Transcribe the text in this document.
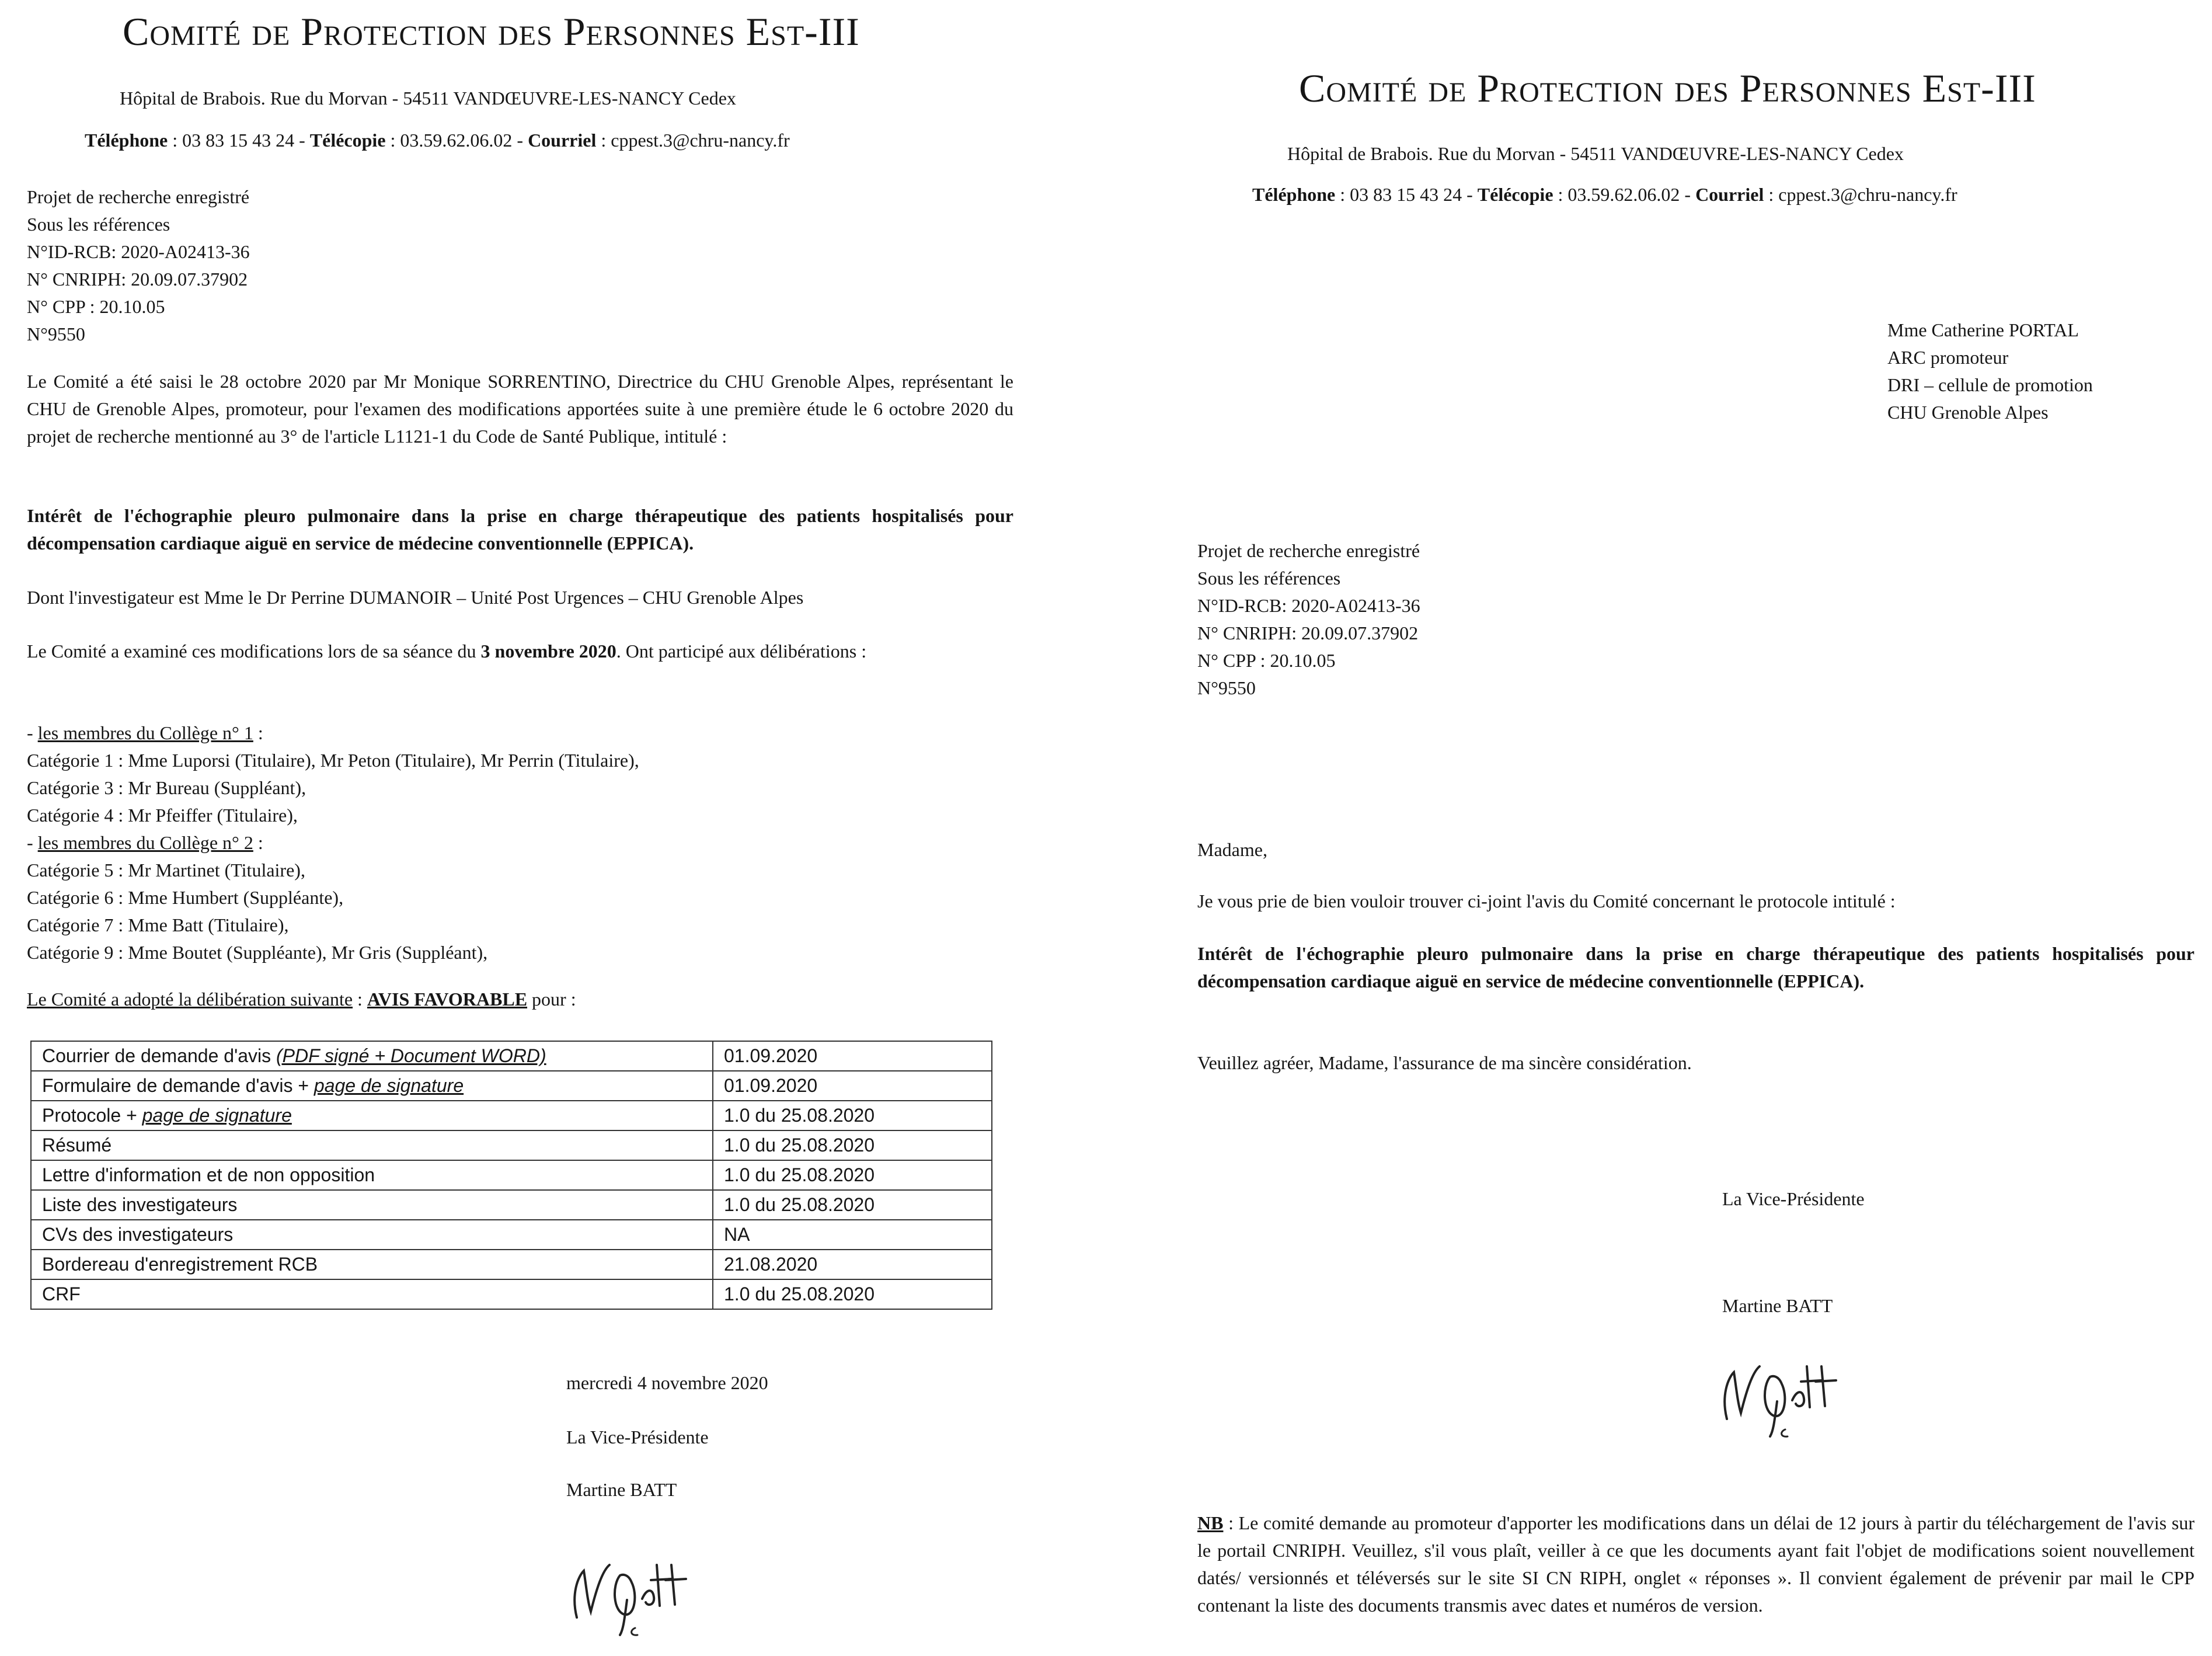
Comité de Protection des Personnes Est-III
Hôpital de Brabois. Rue du Morvan - 54511 VANDŒUVRE-LES-NANCY Cedex
Téléphone : 03 83 15 43 24 - Télécopie : 03.59.62.06.02 - Courriel : cppest.3@chru-nancy.fr
Projet de recherche enregistré
Sous les références
N°ID-RCB: 2020-A02413-36
N° CNRIPH: 20.09.07.37902
N° CPP : 20.10.05
N°9550

Le Comité a été saisi le 28 octobre 2020 par Mr Monique SORRENTINO, Directrice du CHU Grenoble Alpes, représentant le CHU de Grenoble Alpes, promoteur, pour l'examen des modifications apportées suite à une première étude le 6 octobre 2020 du projet de recherche mentionné au 3° de l'article L1121-1 du Code de Santé Publique, intitulé :

Intérêt de l'échographie pleuro pulmonaire dans la prise en charge thérapeutique des patients hospitalisés pour décompensation cardiaque aiguë en service de médecine conventionnelle (EPPICA).

Dont l'investigateur est Mme le Dr Perrine DUMANOIR – Unité Post Urgences – CHU Grenoble Alpes

Le Comité a examiné ces modifications lors de sa séance du 3 novembre 2020. Ont participé aux délibérations :

- les membres du Collège n° 1 :
Catégorie 1 : Mme Luporsi (Titulaire), Mr Peton (Titulaire), Mr Perrin (Titulaire),
Catégorie 3 : Mr Bureau (Suppléant),
Catégorie 4 : Mr Pfeiffer (Titulaire),
- les membres du Collège n° 2 :
Catégorie 5 : Mr Martinet (Titulaire),
Catégorie 6 : Mme Humbert (Suppléante),
Catégorie 7 : Mme Batt (Titulaire),
Catégorie 9 : Mme Boutet (Suppléante), Mr Gris (Suppléant),

Le Comité a adopté la délibération suivante : AVIS FAVORABLE pour :

Courrier de demande d'avis (PDF signé + Document WORD)	01.09.2020
Formulaire de demande d'avis + page de signature	01.09.2020
Protocole + page de signature	1.0 du 25.08.2020
Résumé	1.0 du 25.08.2020
Lettre d'information et de non opposition	1.0 du 25.08.2020
Liste des investigateurs	1.0 du 25.08.2020
CVs des investigateurs	NA
Bordereau d'enregistrement RCB	21.08.2020
CRF	1.0 du 25.08.2020

mercredi 4 novembre 2020

La Vice-Présidente

Martine BATT

Comité de Protection des Personnes Est-III
Hôpital de Brabois. Rue du Morvan - 54511 VANDŒUVRE-LES-NANCY Cedex
Téléphone : 03 83 15 43 24 - Télécopie : 03.59.62.06.02 - Courriel : cppest.3@chru-nancy.fr
Mme Catherine PORTAL
ARC promoteur
DRI – cellule de promotion
CHU Grenoble Alpes
Projet de recherche enregistré
Sous les références
N°ID-RCB: 2020-A02413-36
N° CNRIPH: 20.09.07.37902
N° CPP : 20.10.05
N°9550

Madame,

Je vous prie de bien vouloir trouver ci-joint l'avis du Comité concernant le protocole intitulé :

Intérêt de l'échographie pleuro pulmonaire dans la prise en charge thérapeutique des patients hospitalisés pour décompensation cardiaque aiguë en service de médecine conventionnelle (EPPICA).

Veuillez agréer, Madame, l'assurance de ma sincère considération.

La Vice-Présidente

Martine BATT

NB : Le comité demande au promoteur d'apporter les modifications dans un délai de 12 jours à partir du téléchargement de l'avis sur le portail CNRIPH. Veuillez, s'il vous plaît, veiller à ce que les documents ayant fait l'objet de modifications soient nouvellement datés/ versionnés et téléversés sur le site SI CN RIPH, onglet « réponses ». Il convient également de prévenir par mail le CPP contenant la liste des documents transmis avec dates et numéros de version.
